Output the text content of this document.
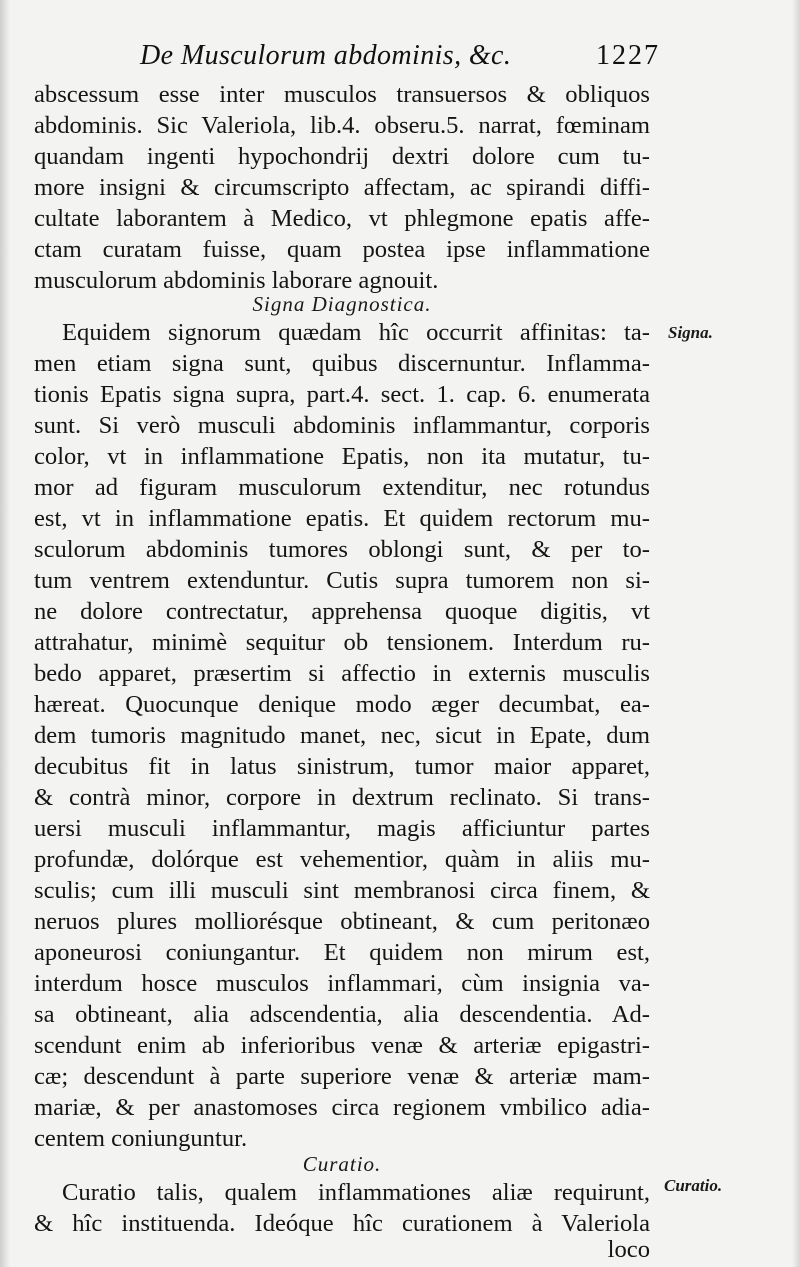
De Musculorum abdominis, &c.	1227
abscessum esse inter musculos transuersos & obliquos
abdominis. Sic Valeriola, lib.4. obseru.5. narrat, fœminam
quandam ingenti hypochondrij dextri dolore cum tu-
more insigni & circumscripto affectam, ac spirandi diffi-
cultate laborantem à Medico, vt phlegmone epatis affe-
ctam curatam fuisse, quam postea ipse inflammatione
musculorum abdominis laborare agnouit.
Signa Diagnostica.
Signa.
Equidem signorum quædam hîc occurrit affinitas: ta-
men etiam signa sunt, quibus discernuntur. Inflamma-
tionis Epatis signa supra, part.4. sect. 1. cap. 6. enumerata
sunt. Si verò musculi abdominis inflammantur, corporis
color, vt in inflammatione Epatis, non ita mutatur, tu-
mor ad figuram musculorum extenditur, nec rotundus
est, vt in inflammatione epatis. Et quidem rectorum mu-
sculorum abdominis tumores oblongi sunt, & per to-
tum ventrem extenduntur. Cutis supra tumorem non si-
ne dolore contrectatur, apprehensa quoque digitis, vt
attrahatur, minimè sequitur ob tensionem. Interdum ru-
bedo apparet, præsertim si affectio in externis musculis
hæreat. Quocunque denique modo æger decumbat, ea-
dem tumoris magnitudo manet, nec, sicut in Epate, dum
decubitus fit in latus sinistrum, tumor maior apparet,
& contrà minor, corpore in dextrum reclinato. Si trans-
uersi musculi inflammantur, magis afficiuntur partes
profundæ, dolórque est vehementior, quàm in aliis mu-
sculis; cum illi musculi sint membranosi circa finem, &
neruos plures molliorésque obtineant, & cum peritonæo
aponeurosi coniungantur. Et quidem non mirum est,
interdum hosce musculos inflammari, cùm insignia va-
sa obtineant, alia adscendentia, alia descendentia. Ad-
scendunt enim ab inferioribus venæ & arteriæ epigastri-
cæ; descendunt à parte superiore venæ & arteriæ mam-
mariæ, & per anastomoses circa regionem vmbilico adia-
centem coniunguntur.
Curatio.
Curatio.
Curatio talis, qualem inflammationes aliæ requirunt,
& hîc instituenda. Ideóque hîc curationem à Valeriola
loco
